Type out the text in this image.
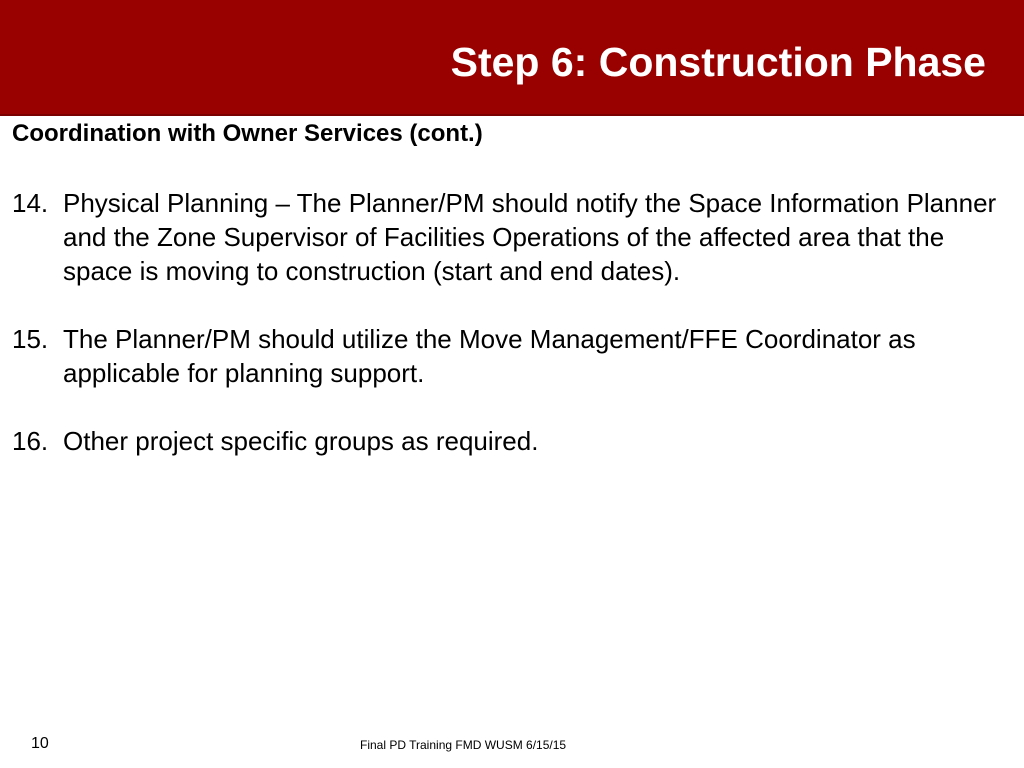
Step 6: Construction Phase
Coordination with Owner Services (cont.)
14. Physical Planning – The Planner/PM should notify the Space Information Planner and the Zone Supervisor of Facilities Operations of the affected area that the space is moving to construction (start and end dates).
15. The Planner/PM should utilize the Move Management/FFE Coordinator as applicable for planning support.
16. Other project specific groups as required.

10	Final PD Training FMD WUSM 6/15/15
